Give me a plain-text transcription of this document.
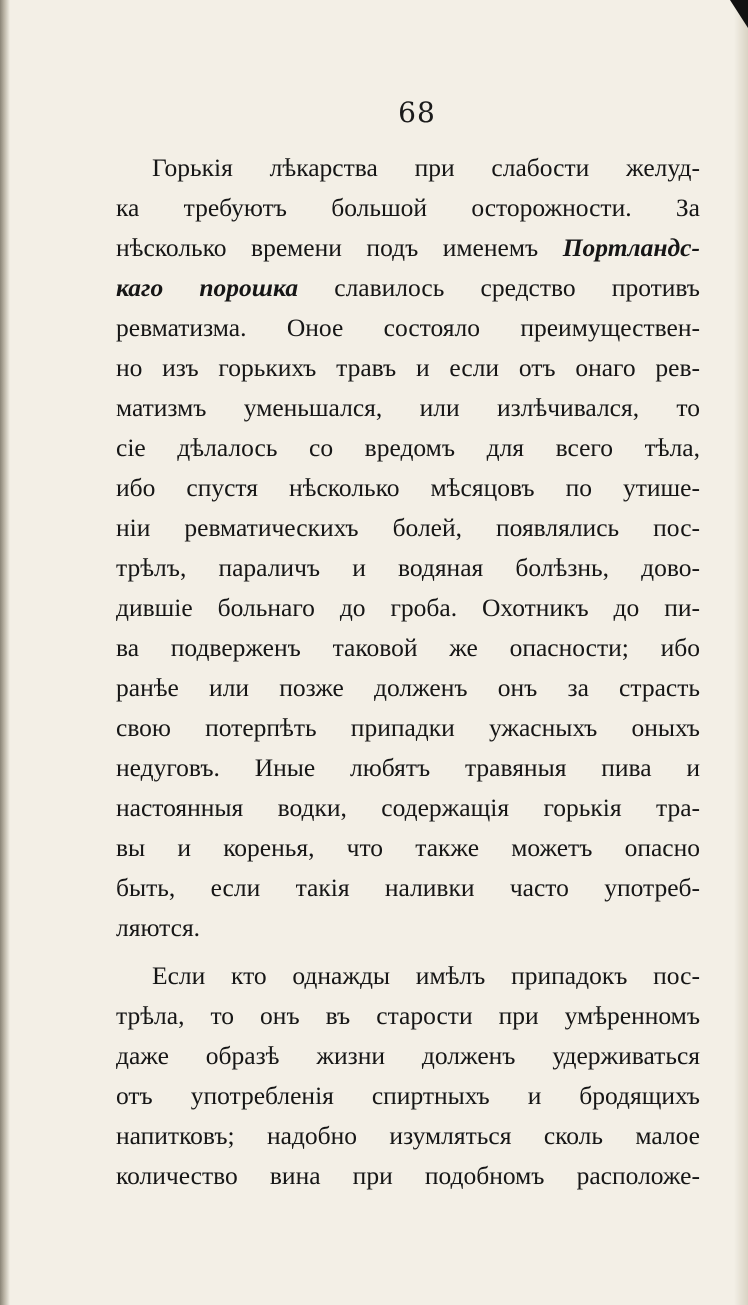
68
Горькія лѣкарства при слабости желуд-
ка требуютъ большой осторожности. За
нѣсколько времени подъ именемъ Портландс-
каго порошка славилось средство противъ
ревматизма. Оное состояло преимуществен-
но изъ горькихъ травъ и если отъ онаго рев-
матизмъ уменьшался, или излѣчивался, то
сіе дѣлалось со вредомъ для всего тѣла,
ибо спустя нѣсколько мѣсяцовъ по утише-
ніи ревматическихъ болей, появлялись пос-
трѣлъ, параличъ и водяная болѣзнь, дово-
дившіе больнаго до гроба. Охотникъ до пи-
ва подверженъ таковой же опасности; ибо
ранѣе или позже долженъ онъ за страсть
свою потерпѣть припадки ужасныхъ оныхъ
недуговъ. Иные любятъ травяныя пива и
настоянныя водки, содержащія горькія тра-
вы и коренья, что также можетъ опасно
быть, если такія наливки часто употреб-
ляются.
Если кто однажды имѣлъ припадокъ пос-
трѣла, то онъ въ старости при умѣренномъ
даже образѣ жизни долженъ удерживаться
отъ употребленія спиртныхъ и бродящихъ
напитковъ; надобно изумляться сколь малое
количество вина при подобномъ расположе-
